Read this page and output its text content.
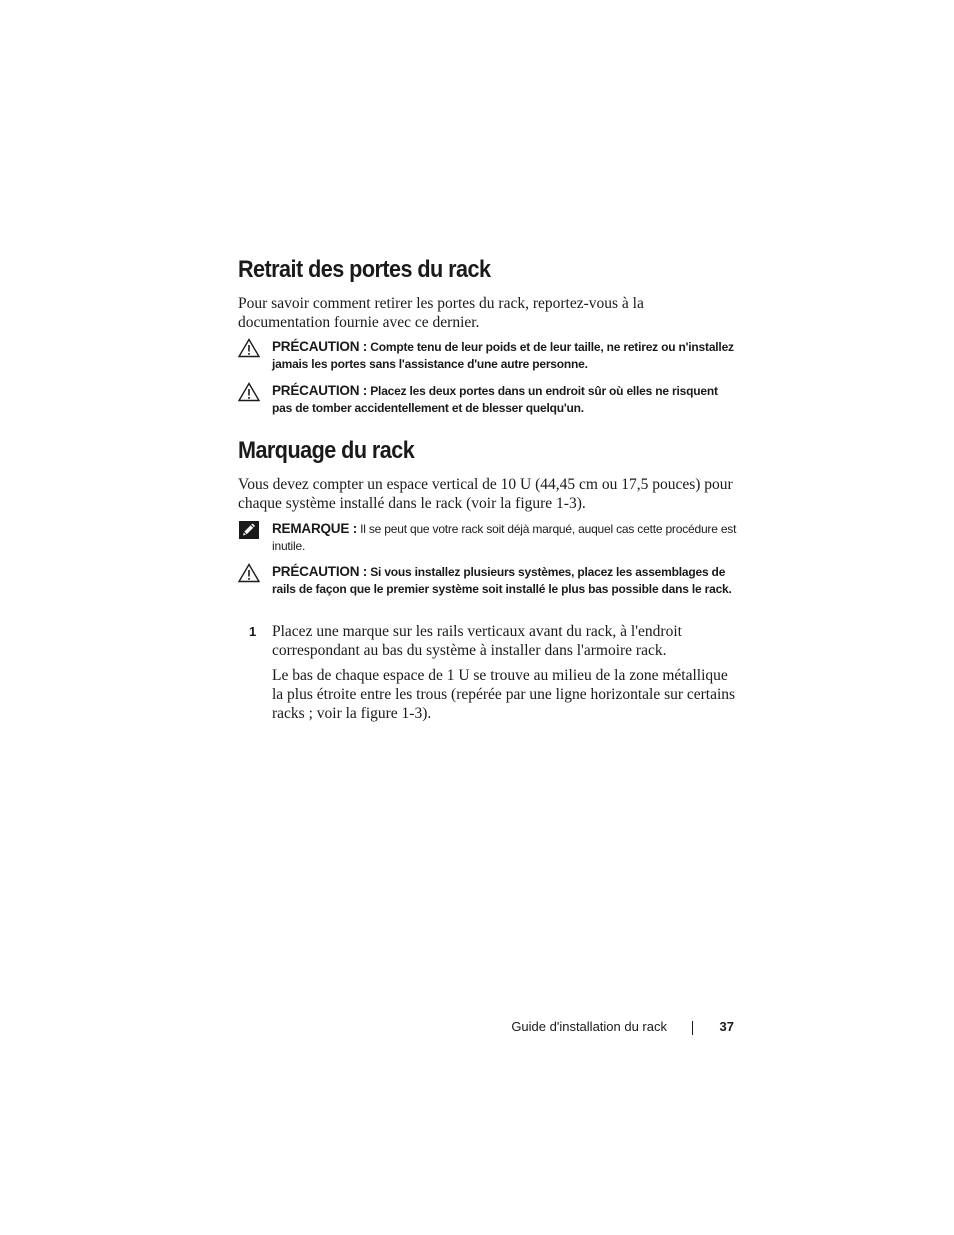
Retrait des portes du rack

Pour savoir comment retirer les portes du rack, reportez-vous à la documentation fournie avec ce dernier.

PRÉCAUTION : Compte tenu de leur poids et de leur taille, ne retirez ou n'installez jamais les portes sans l'assistance d'une autre personne.
PRÉCAUTION : Placez les deux portes dans un endroit sûr où elles ne risquent pas de tomber accidentellement et de blesser quelqu'un.
Marquage du rack

Vous devez compter un espace vertical de 10 U (44,45 cm ou 17,5 pouces) pour chaque système installé dans le rack (voir la figure 1-3).

REMARQUE : Il se peut que votre rack soit déjà marqué, auquel cas cette procédure est inutile.
PRÉCAUTION : Si vous installez plusieurs systèmes, placez les assemblages de rails de façon que le premier système soit installé le plus bas possible dans le rack.
1 Placez une marque sur les rails verticaux avant du rack, à l'endroit correspondant au bas du système à installer dans l'armoire rack.
Le bas de chaque espace de 1 U se trouve au milieu de la zone métallique la plus étroite entre les trous (repérée par une ligne horizontale sur certains racks ; voir la figure 1-3).
Guide d'installation du rack	37
